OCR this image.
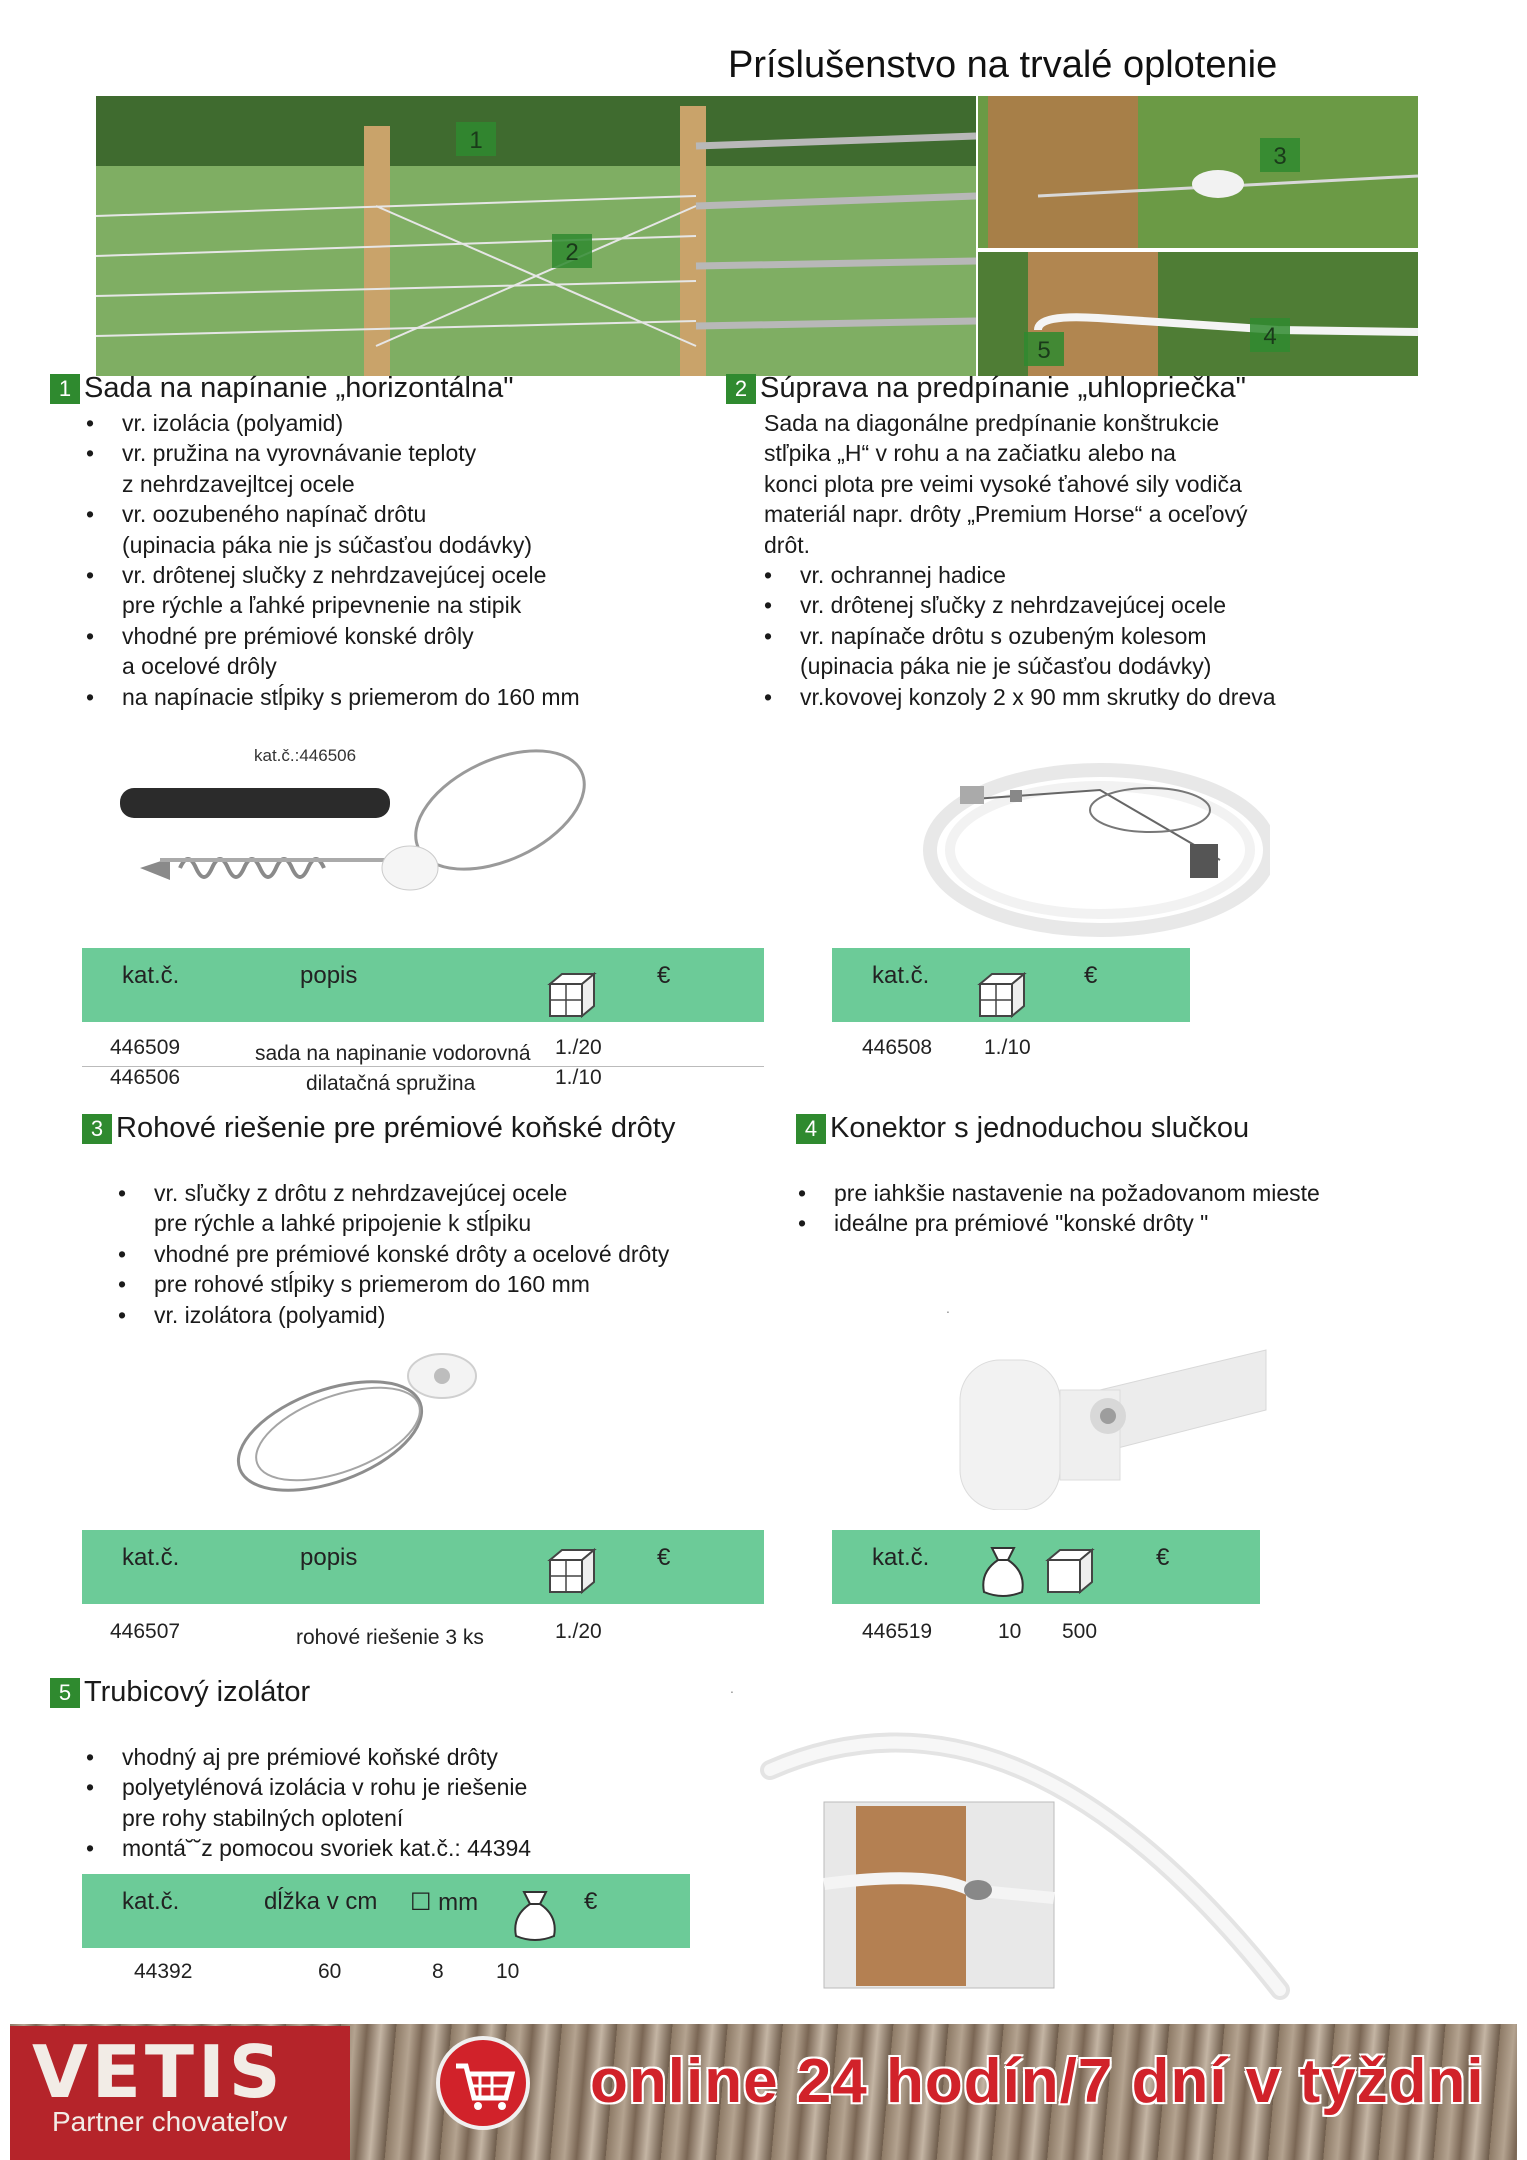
Príslušenstvo na trvalé oplotenie
1
2
3
5
4
1 Sada na napínanie „horizontálna"
• vr. izolácia (polyamid)
• vr. pružina na vyrovnávanie teploty
z nehrdzavejltcej ocele
• vr. oozubeného napínač drôtu
(upinacia páka nie js súčasťou dodávky)
• vr. drôtenej slučky z nehrdzavejúcej ocele
pre rýchle a ľahké pripevnenie na stipik
• vhodné pre prémiové konské drôly
a ocelové drôly
• na napínacie stĺpiky s priemerom do 160 mm
kat.č.:446506
kat.č.	popis	€
446509	sada na napinanie vodorovná 1./20
446506	dilatačná spružina	1./10
2 Súprava na predpínanie „uhlopriečka"
Sada na diagonálne predpínanie konštrukcie
stľpika „H“ v rohu a na začiatku alebo na
konci plota pre veimi vysoké ťahové sily vodiča
materiál napr. drôty „Premium Horse“ a oceľový
drôt.
• vr. ochrannej hadice
• vr. drôtenej sľučky z nehrdzavejúcej ocele
• vr. napínače drôtu s ozubeným kolesom
(upinacia páka nie je súčasťou dodávky)
• vr.kovovej konzoly 2 x 90 mm skrutky do dreva
kat.č.	€
446508 1./10
3 Rohové riešenie pre prémiové koňské drôty
• vr. sľučky z drôtu z nehrdzavejúcej ocele
pre rýchle a lahké pripojenie k stĺpiku
• vhodné pre prémiové konské drôty a ocelové drôty
• pre rohové stĺpiky s priemerom do 160 mm
• vr. izolátora (polyamid)
kat.č.	popis	€
446507	rohové riešenie 3 ks	1./20
4 Konektor s jednoduchou slučkou
• pre iahkšie nastavenie na požadovanom mieste
• ideálne pra prémiové "konské drôty "
.
kat.č.	€
446519	10 500
5 Trubicový izolátor
• vhodný aj pre prémiové koňské drôty
• polyetylénová izolácia v rohu je riešenie
pre rohy stabilných oplotení
• montá˘˘z pomocou svoriek kat.č.: 44394
.
kat.č.	dĺžka v cm ☐ mm	€
44392	60	8 10
VETIS
Partner chovateľov
online 24 hodín/7 dní v týždni
